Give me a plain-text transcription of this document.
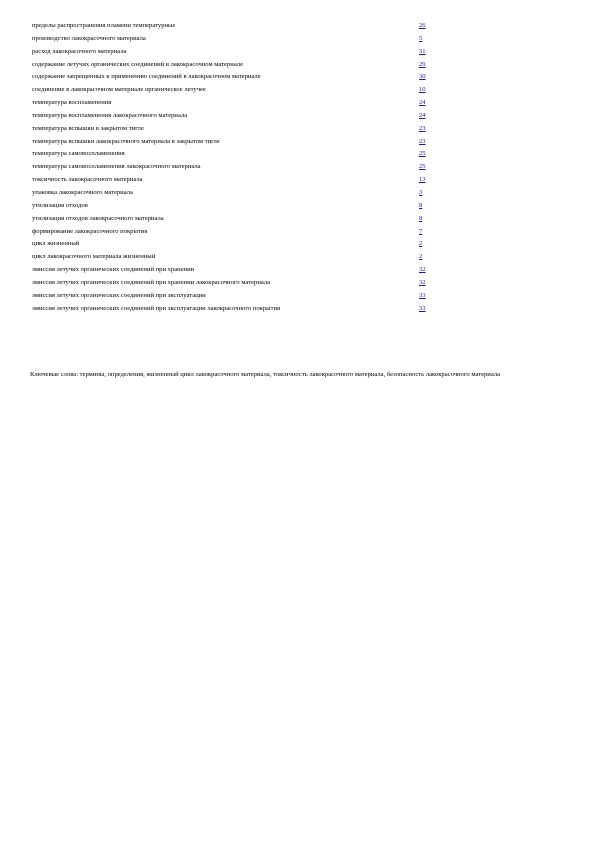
пределы распространения пламени температурные	26
производство лакокрасочного материала	5
расход лакокрасочного материала	31
содержание летучих органических соединений в лакокрасочном материале	29
содержание запрещенных к применению соединений в лакокрасочном материале	30
соединение в лакокрасочном материале органическое летучее	10
температура воспламенения	24
температура воспламенения лакокрасочного материала	24
температура вспышки в закрытом тигле	23
температура вспышки лакокрасочного материала в закрытом тигле	23
температура самовоспламенения	25
температура самовоспламенения лакокрасочного материала	25
токсичность лакокрасочного материала	13
упаковка лакокрасочного материала	3
утилизация отходов	8
утилизация отходов лакокрасочного материала	8
формирование лакокрасочного покрытия	7
цикл жизненный	2
цикл лакокрасочного материала жизненный	2
эмиссия летучих органических соединений при хранении	32
эмиссия летучих органических соединений при хранении лакокрасочного материала	32
эмиссия летучих органических соединений при эксплуатации	33
эмиссия летучих органических соединений при эксплуатации лакокрасочного покрытия	33
Ключевые слова: термины, определения, жизненный цикл лакокрасочного материала, токсичность лакокрасочного материала, безопасность лакокрасочного материала
